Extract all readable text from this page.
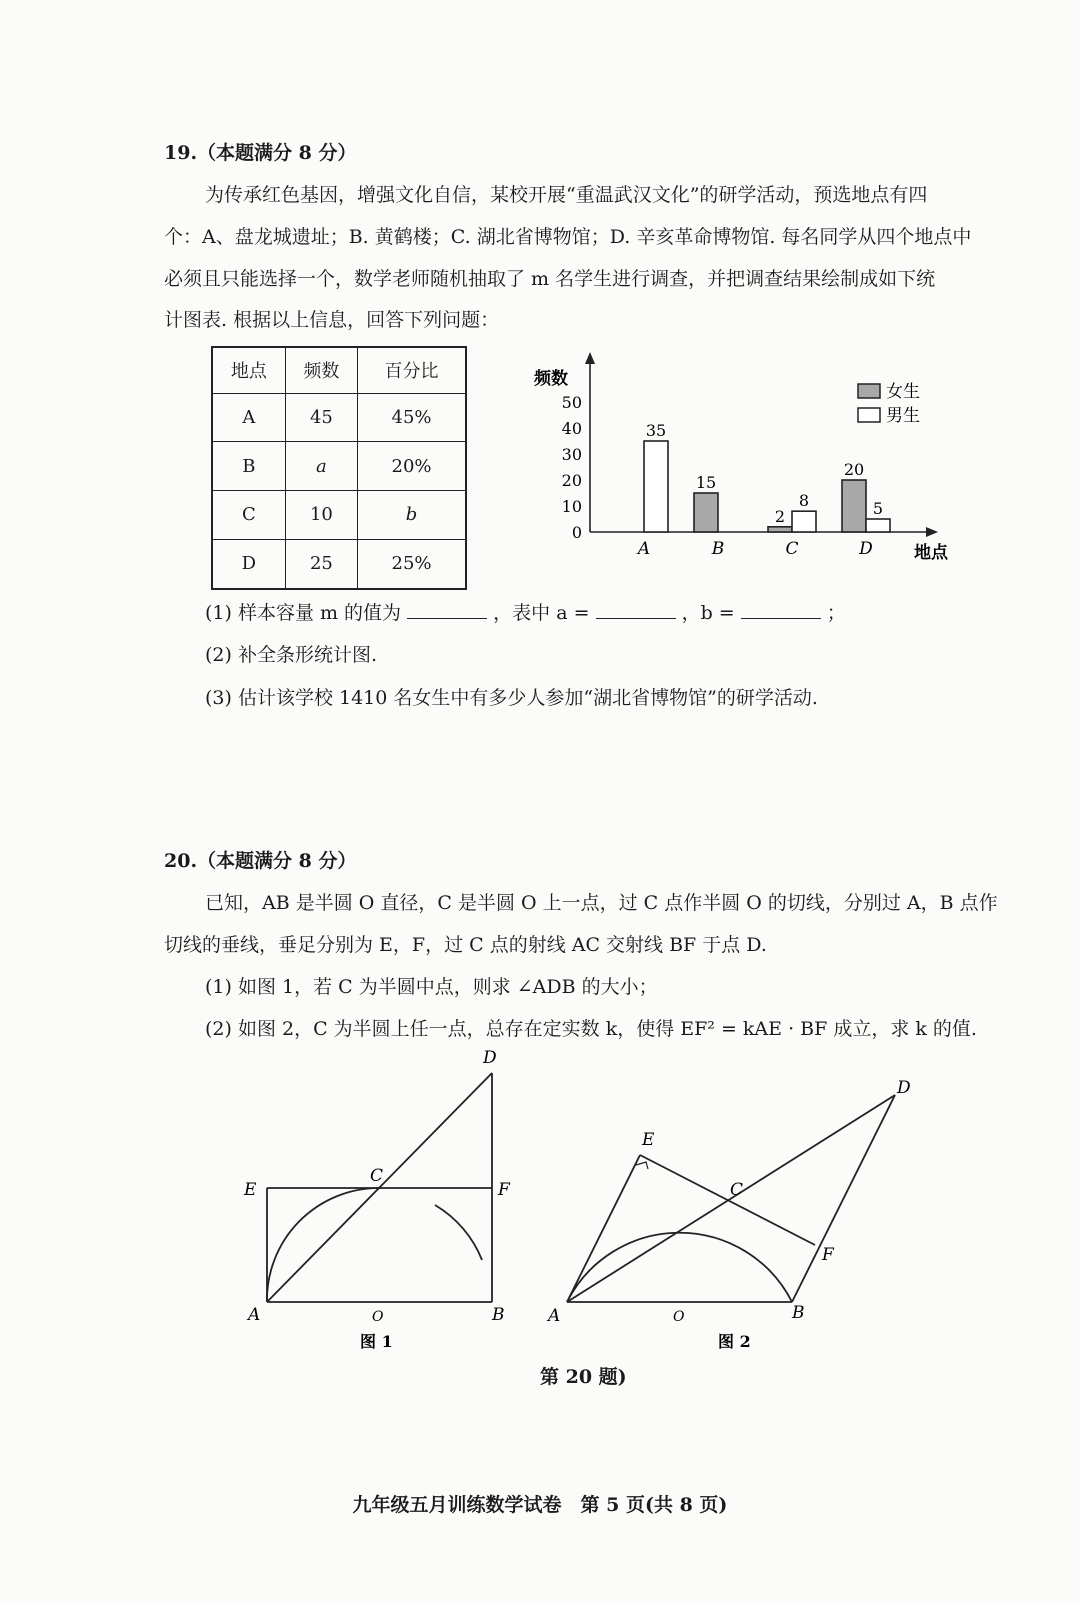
19.（本题满分 8 分）
为传承红色基因，增强文化自信，某校开展“重温武汉文化”的研学活动，预选地点有四
个：A、盘龙城遗址；B. 黄鹤楼；C. 湖北省博物馆；D. 辛亥革命博物馆. 每名同学从四个地点中
必须且只能选择一个，数学老师随机抽取了 m 名学生进行调查，并把调查结果绘制成如下统
计图表. 根据以上信息，回答下列问题：
地点	频数	百分比
A	45	45%
B	a	20%
C	10	b
D	25	25%
频数
地点
0
10
20
30
40
50
A
35
B
15
C
2
8
D
20
5
女生
男生
(1) 样本容量 m 的值为	，表中 a =	，b =	；
(2) 补全条形统计图.
(3) 估计该学校 1410 名女生中有多少人参加“湖北省博物馆”的研学活动.
20.（本题满分 8 分）
已知，AB 是半圆 O 直径，C 是半圆 O 上一点，过 C 点作半圆 O 的切线，分别过 A，B 点作
切线的垂线，垂足分别为 E，F，过 C 点的射线 AC 交射线 BF 于点 D.
(1) 如图 1，若 C 为半圆中点，则求 ∠ADB 的大小；
(2) 如图 2，C 为半圆上任一点，总存在定实数 k，使得 EF² = kAE · BF 成立，求 k 的值.
D
E	F
C
A	B
O
图 1
D
E
F
C
A	B
O
图 2
第 20 题)
九年级五月训练数学试卷　第 5 页(共 8 页)
